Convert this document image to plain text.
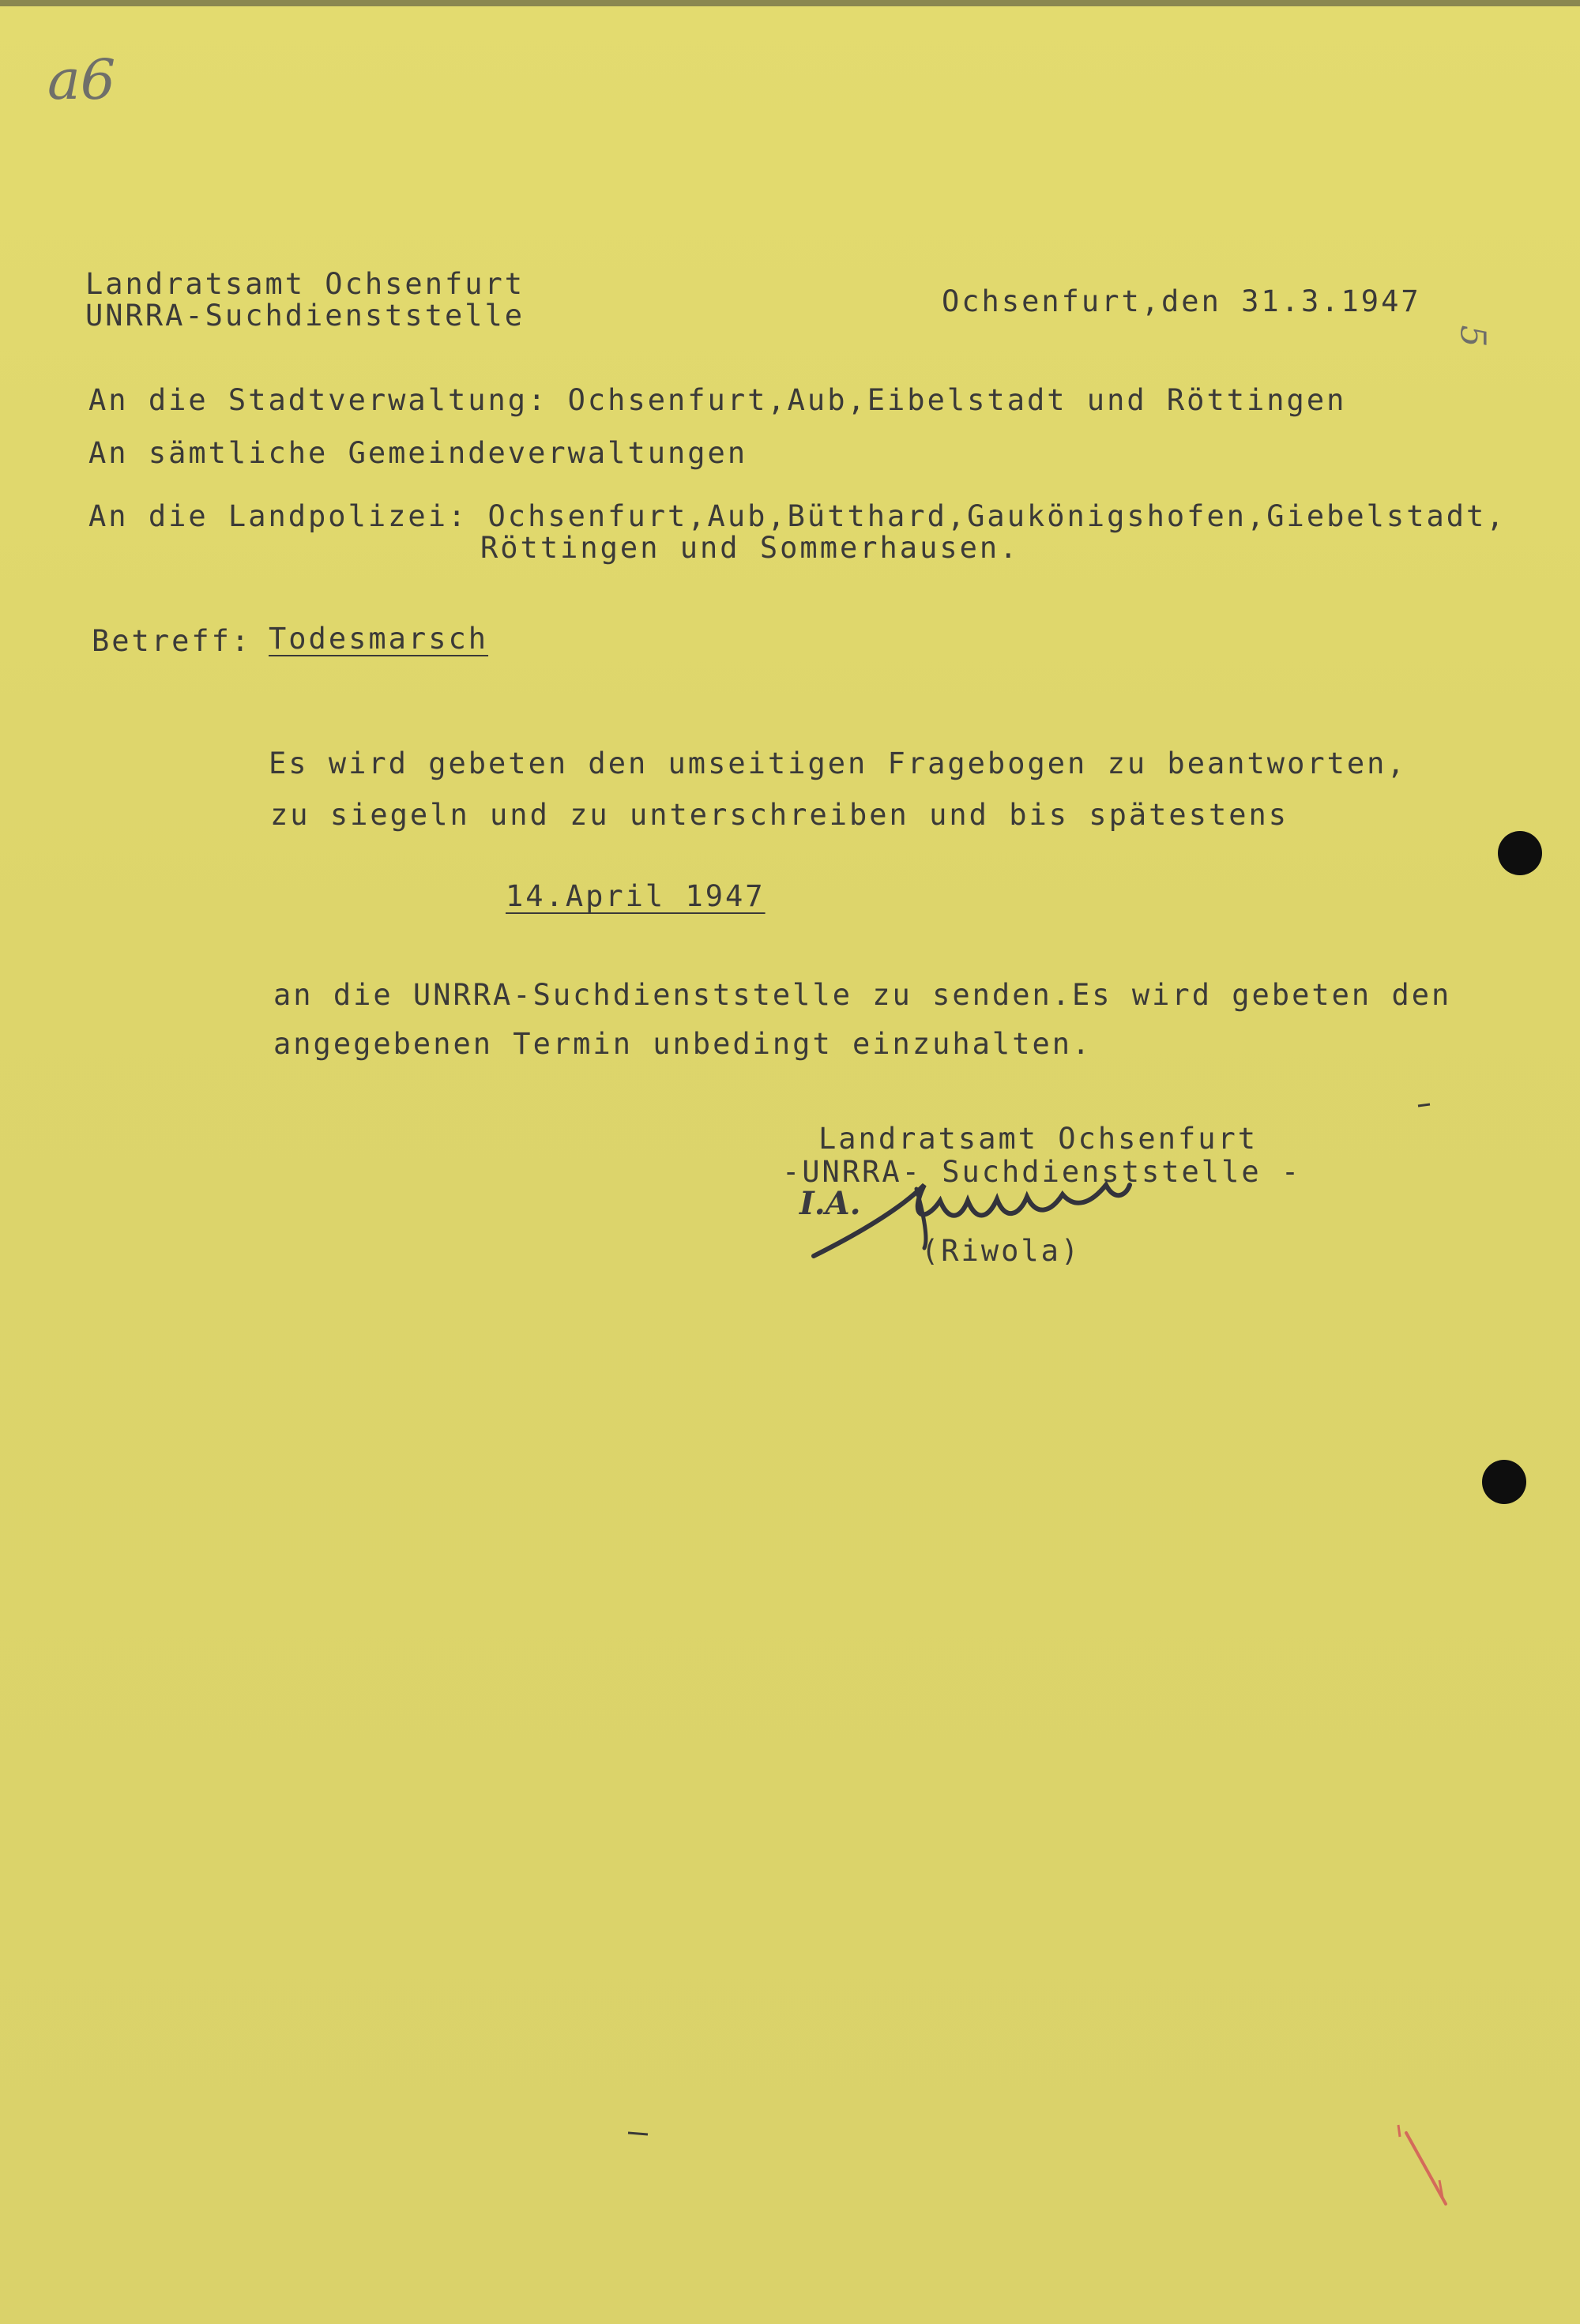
a6
5
Landratsamt Ochsenfurt
UNRRA-Suchdienststelle	Ochsenfurt,den 31.3.1947
An die Stadtverwaltung: Ochsenfurt,Aub,Eibelstadt und Röttingen
An sämtliche Gemeindeverwaltungen
An die Landpolizei: Ochsenfurt,Aub,Bütthard,Gaukönigshofen,Giebelstadt,
Röttingen und Sommerhausen.
Betreff: Todesmarsch
Es wird gebeten den umseitigen Fragebogen zu beantworten,
zu siegeln und zu unterschreiben und bis spätestens
14.April 1947
an die UNRRA-Suchdienststelle zu senden.Es wird gebeten den
angegebenen Termin unbedingt einzuhalten.
Landratsamt Ochsenfurt
-UNRRA- Suchdienststelle -
I.A.
(Riwola)
